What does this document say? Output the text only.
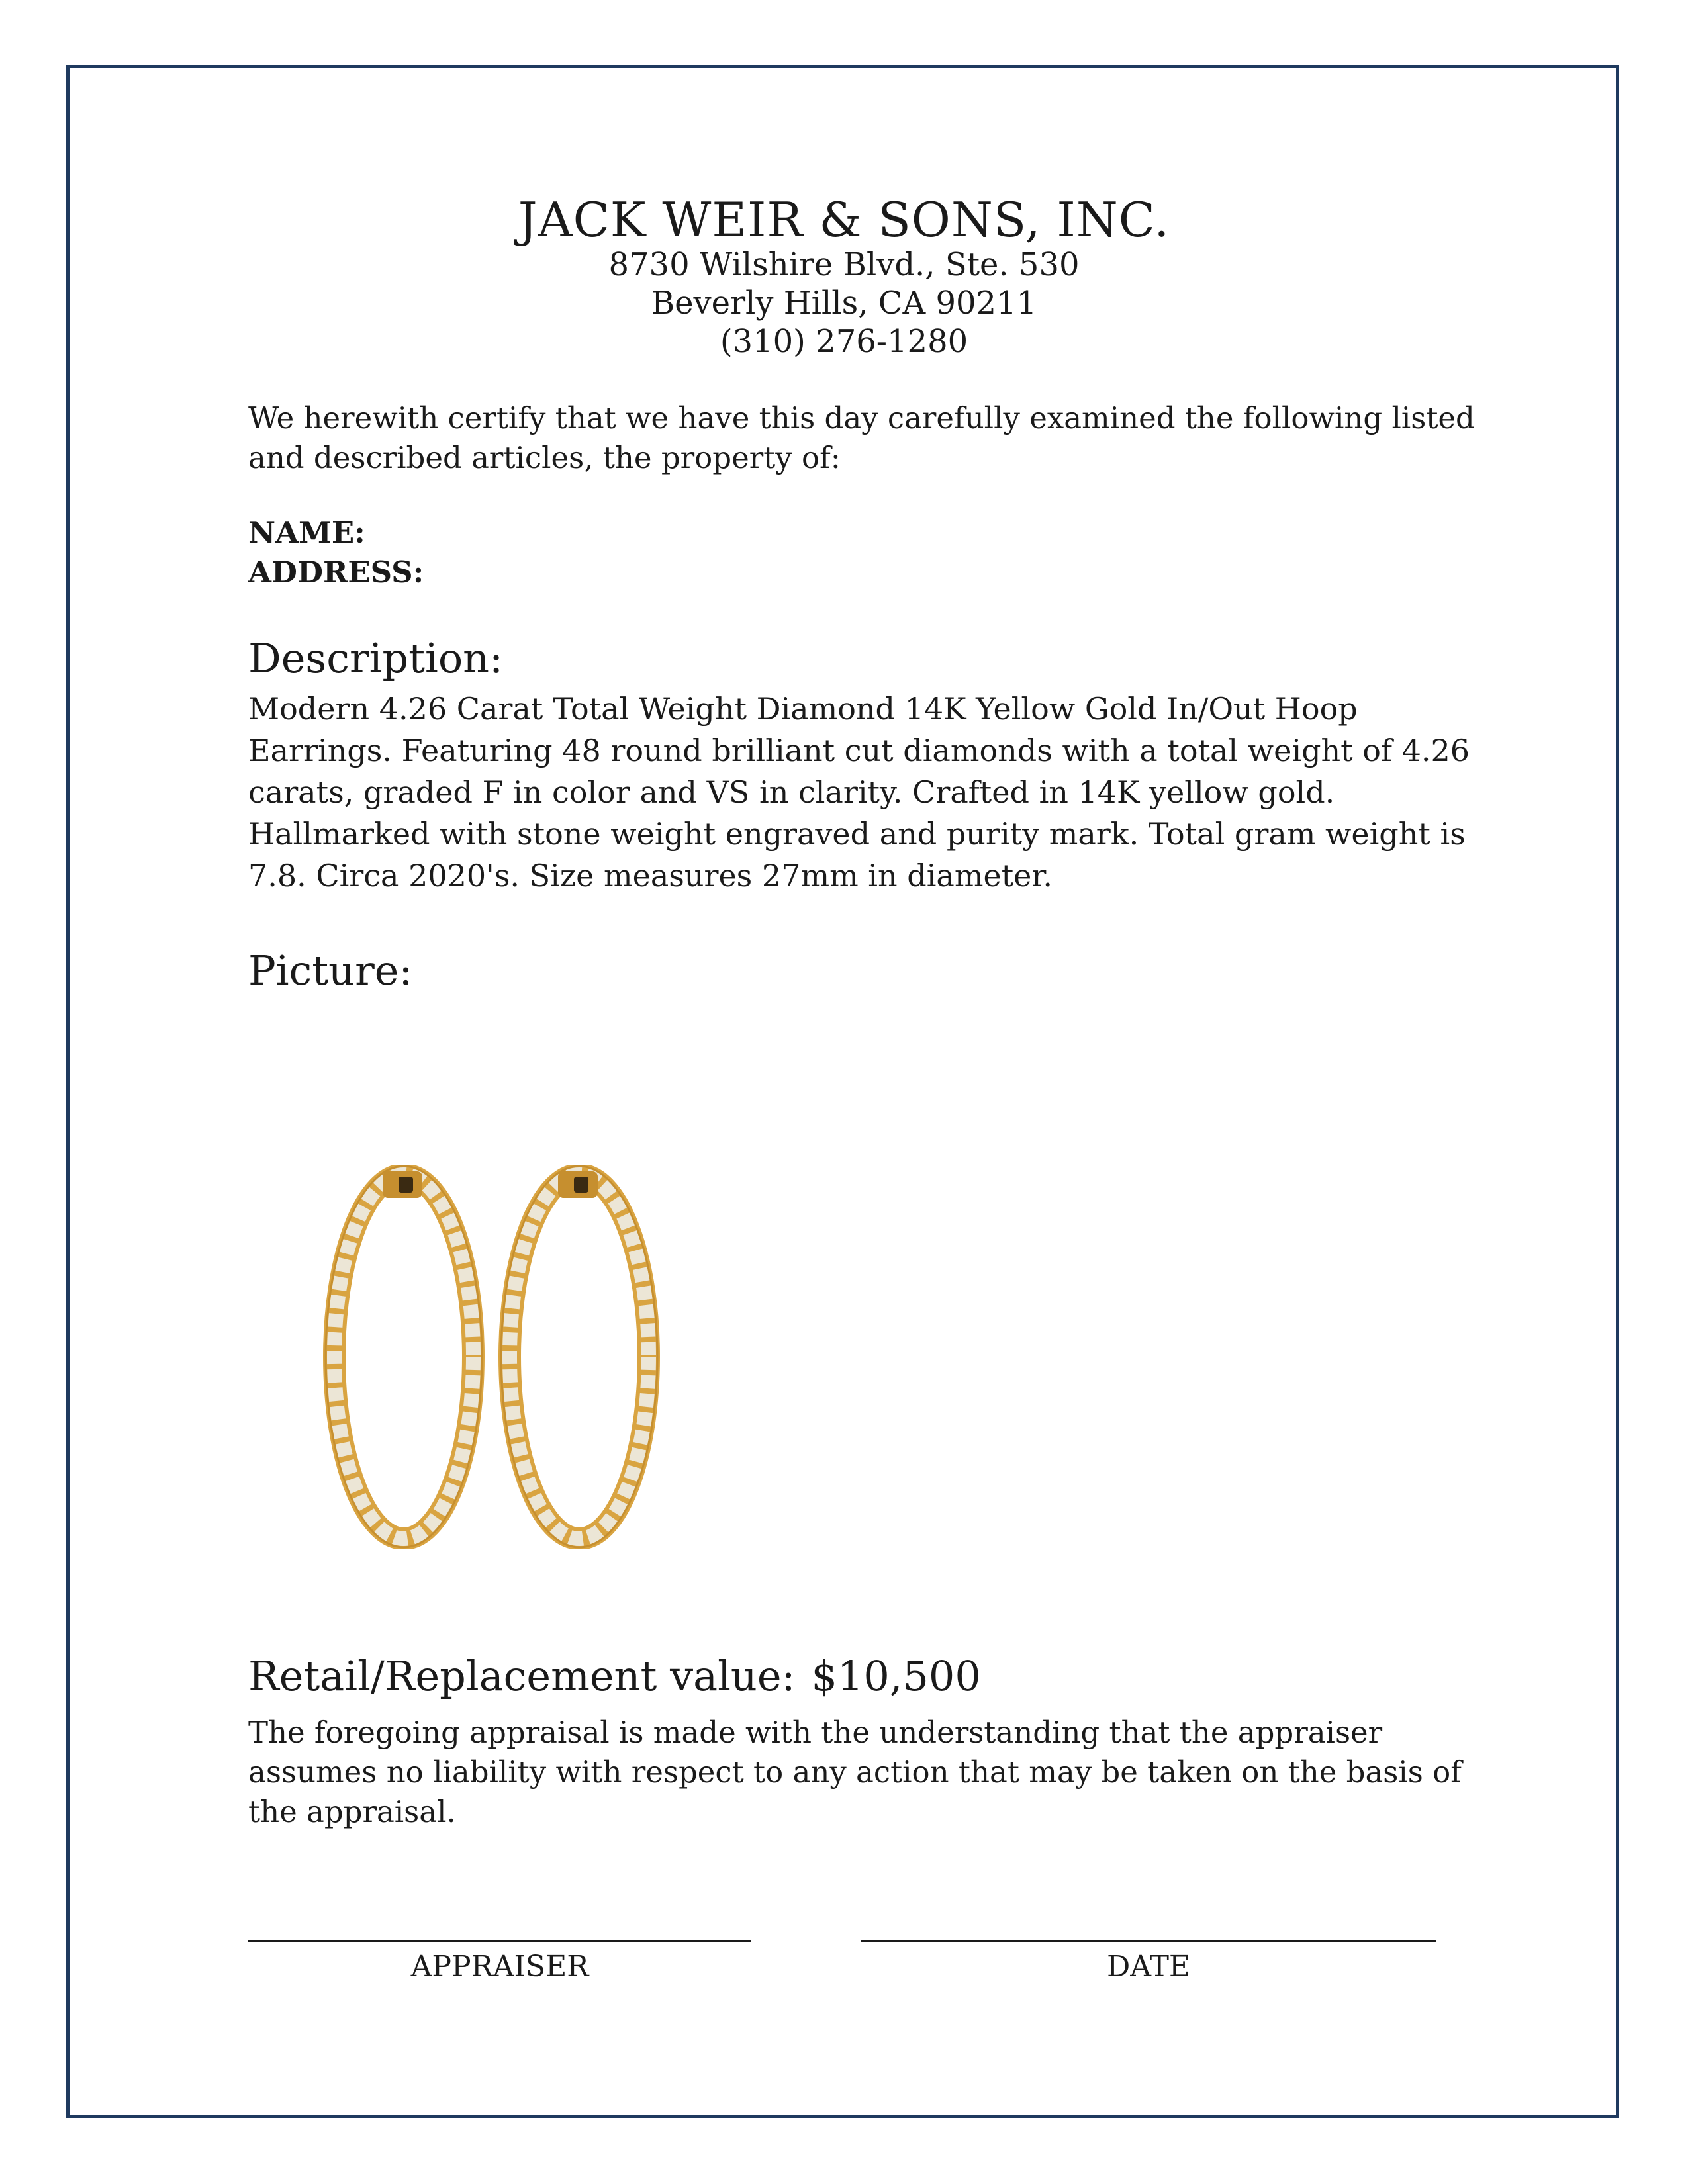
JACK WEIR & SONS, INC.
8730 Wilshire Blvd., Ste. 530
Beverly Hills, CA 90211
(310) 276-1280
We herewith certify that we have this day carefully examined the following listed and described articles, the property of:
NAME:
ADDRESS:
Description:
Modern 4.26 Carat Total Weight Diamond 14K Yellow Gold In/Out Hoop Earrings. Featuring 48 round brilliant cut diamonds with a total weight of 4.26 carats, graded F in color and VS in clarity. Crafted in 14K yellow gold. Hallmarked with stone weight engraved and purity mark. Total gram weight is 7.8. Circa 2020's. Size measures 27mm in diameter.
Picture:
Retail/Replacement value: $10,500
The foregoing appraisal is made with the understanding that the appraiser assumes no liability with respect to any action that may be taken on the basis of the appraisal.
APPRAISER	DATE
